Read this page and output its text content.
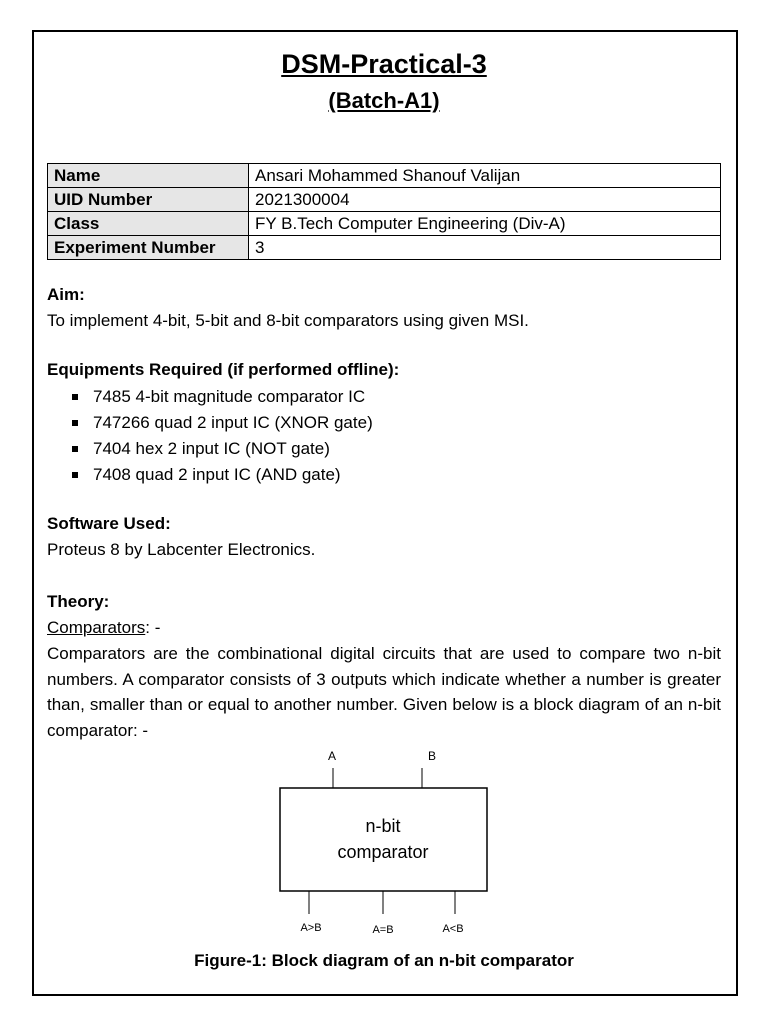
DSM-Practical-3
(Batch-A1)
Name	Ansari Mohammed Shanouf Valijan
UID Number	2021300004
Class	FY B.Tech Computer Engineering (Div-A)
Experiment Number	3
Aim:
To implement 4-bit, 5-bit and 8-bit comparators using given MSI.
Equipments Required (if performed offline):
7485 4-bit magnitude comparator IC
747266 quad 2 input IC (XNOR gate)
7404 hex 2 input IC (NOT gate)
7408 quad 2 input IC (AND gate)
Software Used:
Proteus 8 by Labcenter Electronics.
Theory:
Comparators: -
Comparators are the combinational digital circuits that are used to compare two n-bit numbers. A comparator consists of 3 outputs which indicate whether a number is greater than, smaller than or equal to another number. Given below is a block diagram of an n-bit comparator: -
A	B
n-bit
comparator
A>B	A=B	A<B
Figure-1: Block diagram of an n-bit comparator
